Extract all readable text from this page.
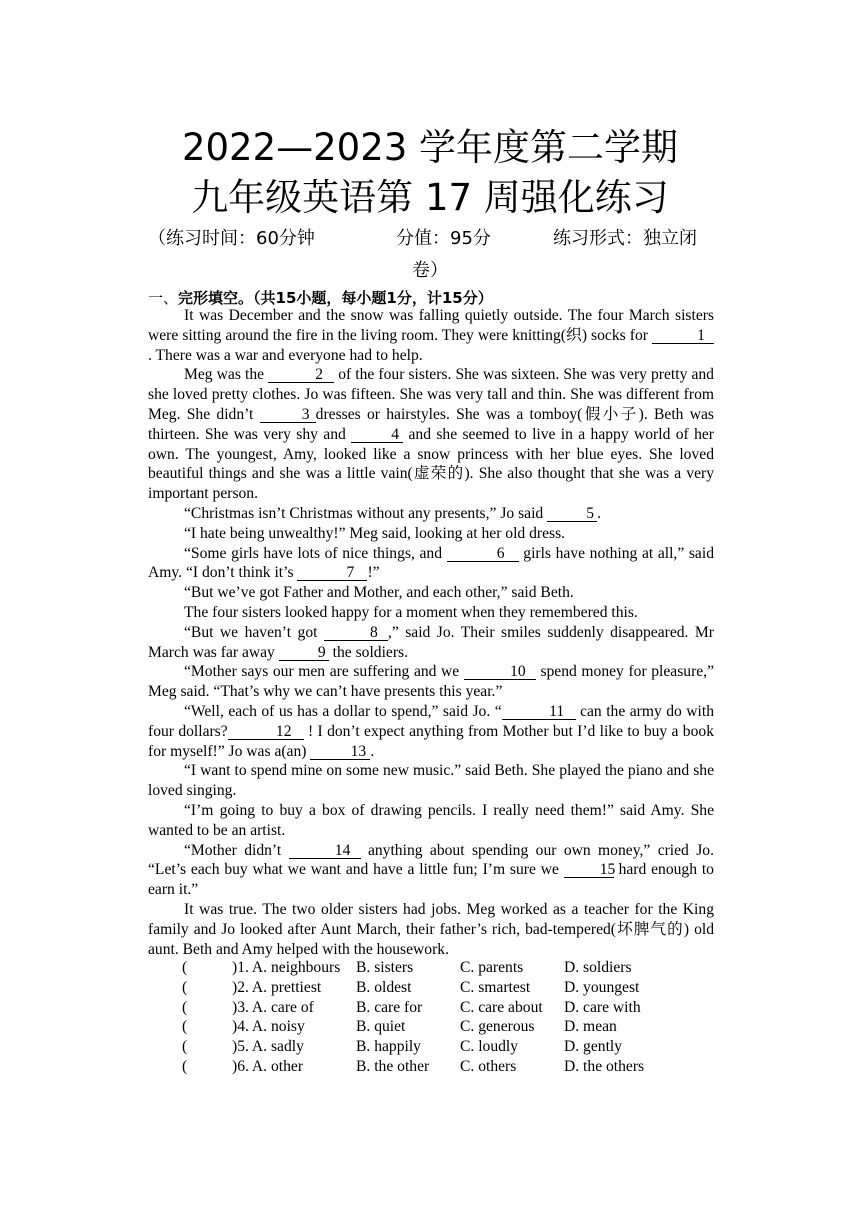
2022—2023 学年度第二学期
九年级英语第 17 周强化练习
（练习时间：60分钟	分值：95分	练习形式：独立闭
卷）
一、完形填空。（共15小题，每小题1分，计15分）

It was December and the snow was falling quietly outside. The four March sisters were sitting around the fire in the living room. They were knitting(织) socks for	1. There was a war and everyone had to help.

Meg was the	2 of the four sisters. She was sixteen. She was very pretty and she loved pretty clothes. Jo was fifteen. She was very tall and thin. She was different from Meg. She didn’t	3 dresses or hairstyles. She was a tomboy(假小子). Beth was thirteen. She was very shy and	4 and she seemed to live in a happy world of her own. The youngest, Amy, looked like a snow princess with her blue eyes. She loved beautiful things and she was a little vain(虚荣的). She also thought that she was a very important person.

“Christmas isn’t Christmas without any presents,” Jo said	5 .

“I hate being unwealthy!” Meg said, looking at her old dress.

“Some girls have lots of nice things, and	6 girls have nothing at all,” said Amy. “I don’t think it’s	7 !”

“But we’ve got Father and Mother, and each other,” said Beth.

The four sisters looked happy for a moment when they remembered this.

“But we haven’t got	8 ,” said Jo. Their smiles suddenly disappeared. Mr March was far away	9 the soldiers.

“Mother says our men are suffering and we	10 spend money for pleasure,” Meg said. “That’s why we can’t have presents this year.”

“Well, each of us has a dollar to spend,” said Jo. “	11 can the army do with four dollars?	12 ! I don’t expect anything from Mother but I’d like to buy a book for myself!” Jo was a(an)	13 .

“I want to spend mine on some new music.” said Beth. She played the piano and she loved singing.

“I’m going to buy a box of drawing pencils. I really need them!” said Amy. She wanted to be an artist.

“Mother didn’t	14 anything about spending our own money,” cried Jo. “Let’s each buy what we want and have a little fun; I’m sure we 15 hard enough to earn it.”

It was true. The two older sisters had jobs. Meg worked as a teacher for the King family and Jo looked after Aunt March, their father’s rich, bad-tempered(坏脾气的) old aunt. Beth and Amy helped with the housework.

(	)1. A. neighbours B. sisters	C. parents	D. soldiers
(	)2. A. prettiest B. oldest	C. smartest D. youngest
(	)3. A. care of	B. care for C. care about D. care with
(	)4. A. noisy	B. quiet	C. generous D. mean
(	)5. A. sadly	B. happily	C. loudly	D. gently
(	)6. A. other	B. the other C. others	D. the others
